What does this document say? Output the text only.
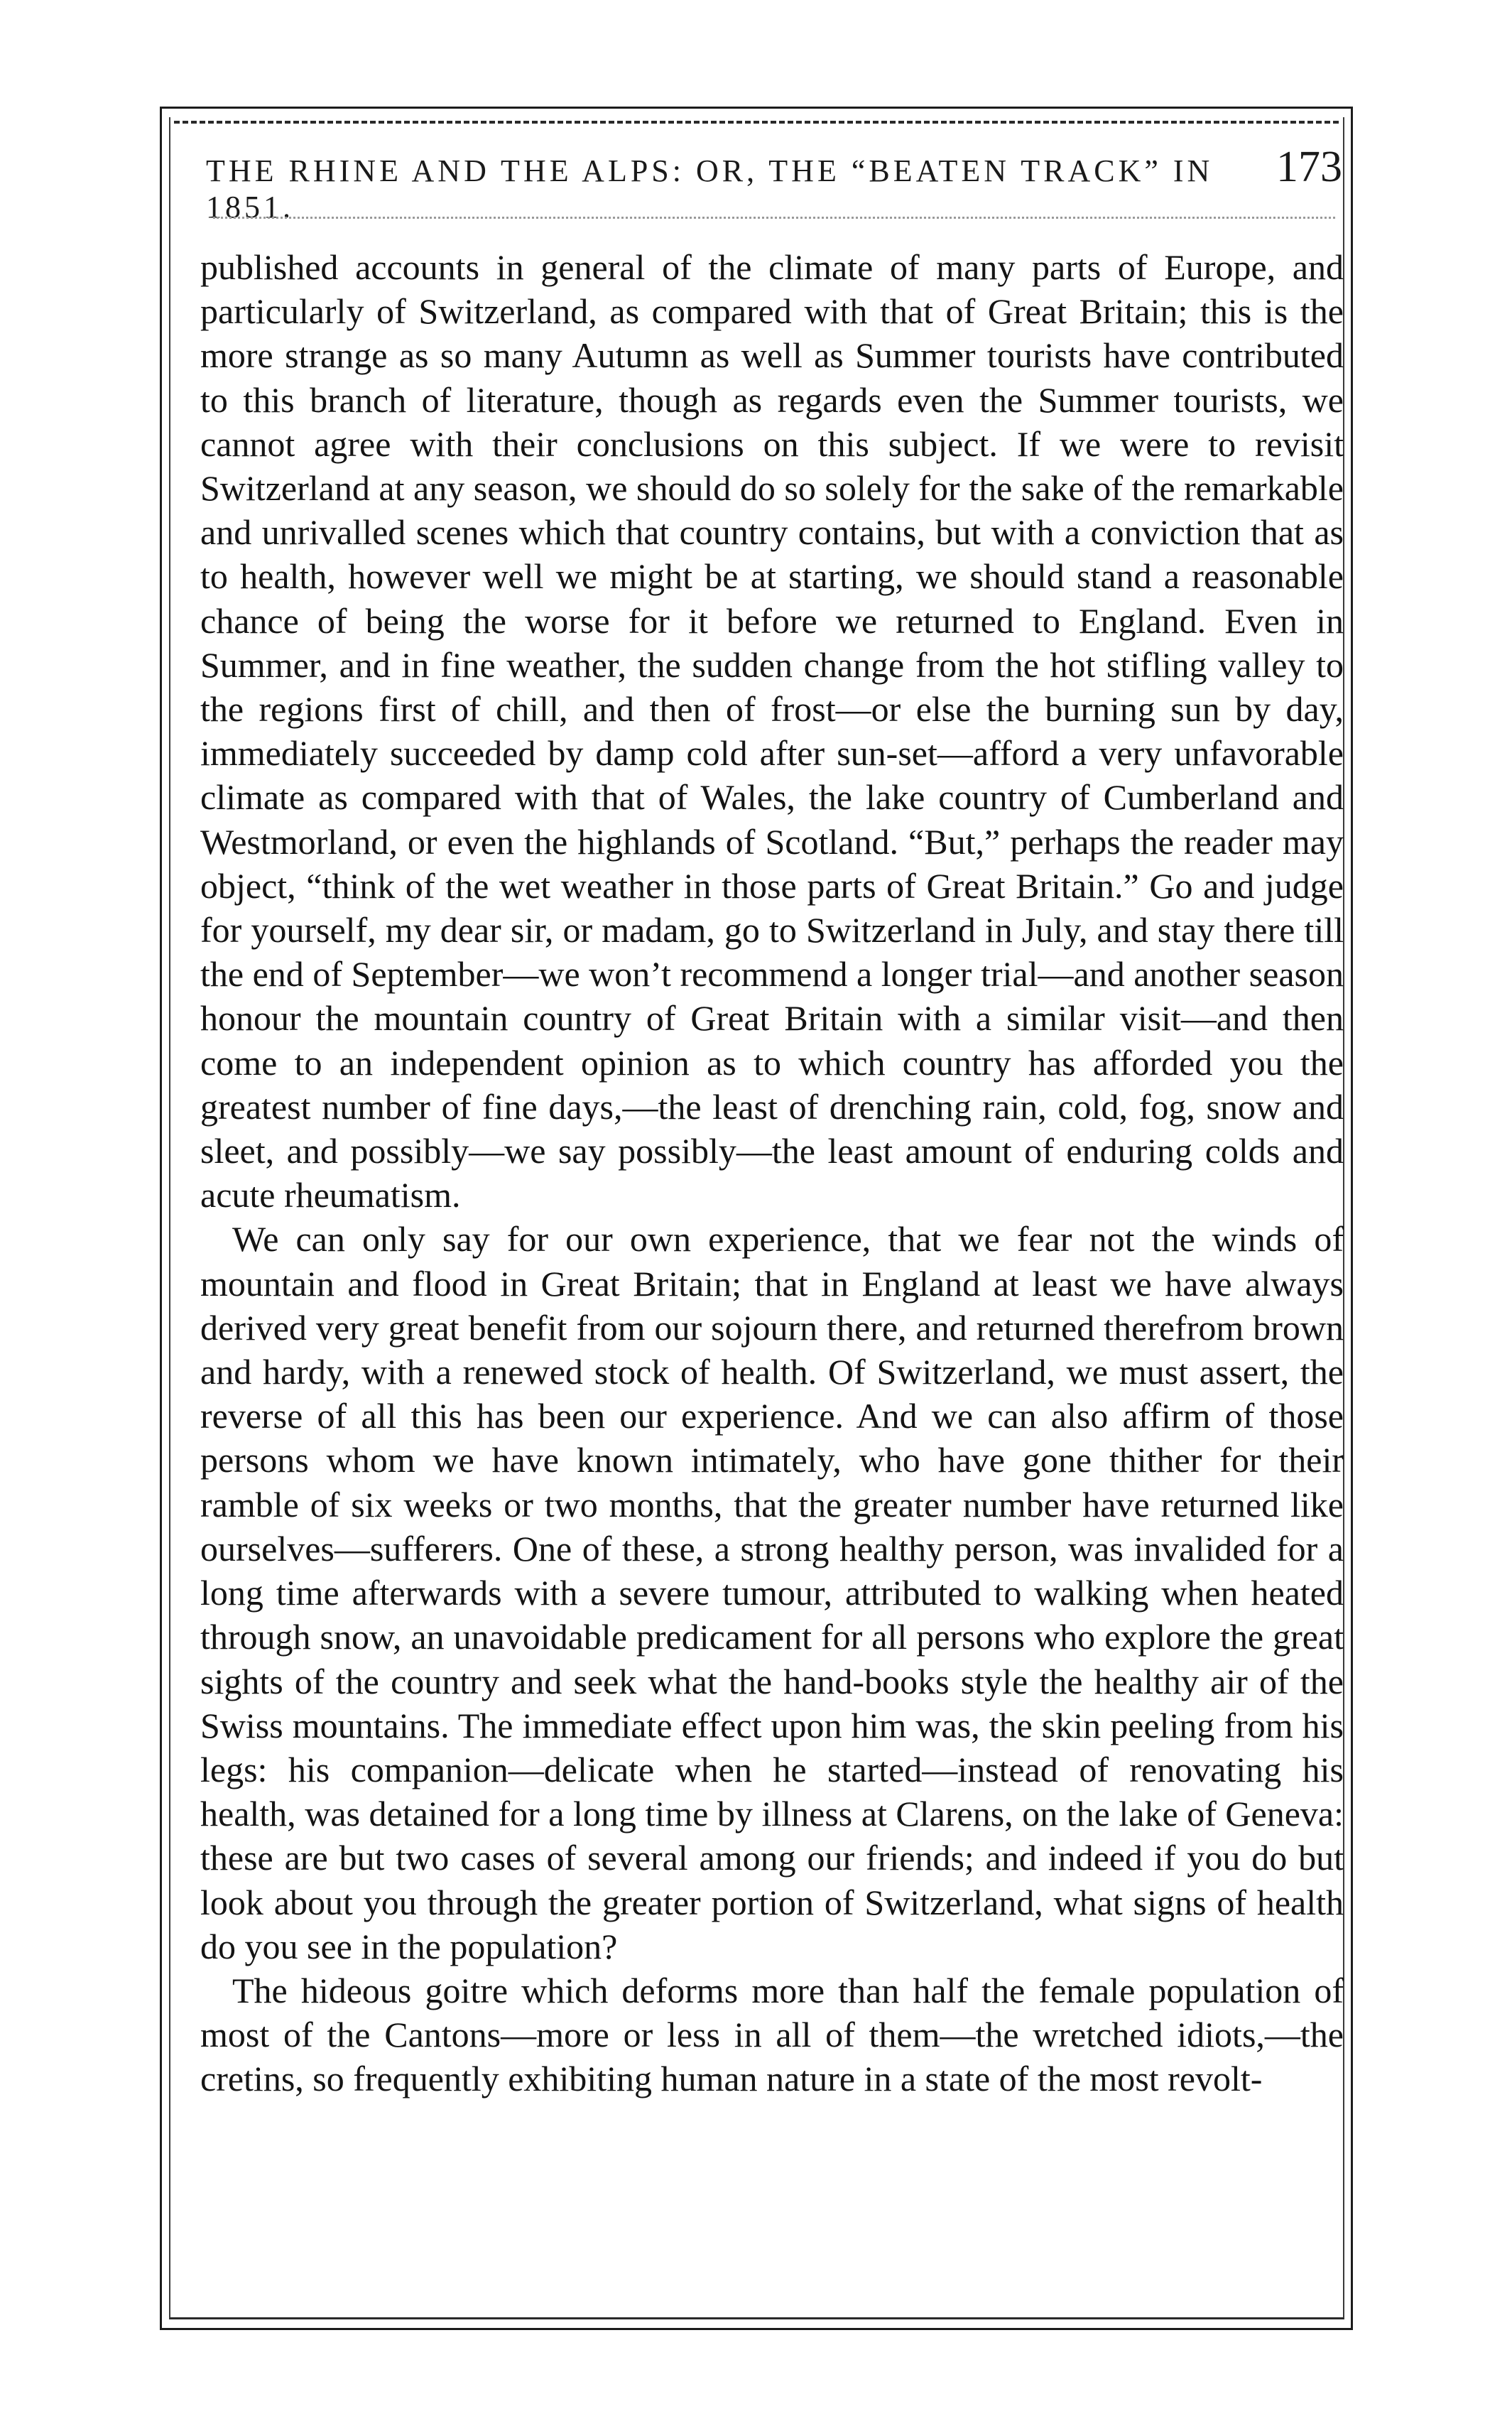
THE RHINE AND THE ALPS: OR, THE “BEATEN TRACK” IN 1851.
173

published accounts in general of the climate of many parts of Europe, and particularly of Switzerland, as compared with that of Great Britain; this is the more strange as so many Autumn as well as Summer tourists have contributed to this branch of literature, though as regards even the Summer tourists, we cannot agree with their conclusions on this subject. If we were to revisit Switzerland at any season, we should do so solely for the sake of the remarkable and unrivalled scenes which that country contains, but with a conviction that as to health, however well we might be at starting, we should stand a reasonable chance of being the worse for it before we returned to England. Even in Summer, and in fine weather, the sudden change from the hot stifling valley to the regions first of chill, and then of frost—or else the burning sun by day, immediately succeeded by damp cold after sun-set—afford a very unfavorable climate as compared with that of Wales, the lake country of Cumberland and Westmorland, or even the highlands of Scotland. “But,” perhaps the reader may object, “think of the wet weather in those parts of Great Britain.” Go and judge for yourself, my dear sir, or madam, go to Switzerland in July, and stay there till the end of September—we won’t recommend a longer trial—and another season honour the mountain country of Great Britain with a similar visit—and then come to an independent opinion as to which country has afforded you the greatest number of fine days,—the least of drenching rain, cold, fog, snow and sleet, and possibly—we say possibly—the least amount of enduring colds and acute rheumatism.

We can only say for our own experience, that we fear not the winds of mountain and flood in Great Britain; that in England at least we have always derived very great benefit from our sojourn there, and returned therefrom brown and hardy, with a renewed stock of health. Of Switzerland, we must assert, the reverse of all this has been our experience. And we can also affirm of those persons whom we have known intimately, who have gone thither for their ramble of six weeks or two months, that the greater number have returned like ourselves—sufferers. One of these, a strong healthy person, was invalided for a long time afterwards with a severe tumour, attributed to walking when heated through snow, an unavoidable predicament for all persons who explore the great sights of the country and seek what the hand-books style the healthy air of the Swiss mountains. The immediate effect upon him was, the skin peeling from his legs: his companion—delicate when he started—instead of renovating his health, was detained for a long time by illness at Clarens, on the lake of Geneva: these are but two cases of several among our friends; and indeed if you do but look about you through the greater portion of Switzerland, what signs of health do you see in the population?

The hideous goitre which deforms more than half the female population of most of the Cantons—more or less in all of them—the wretched idiots,—the cretins, so frequently exhibiting human nature in a state of the most revolt-
